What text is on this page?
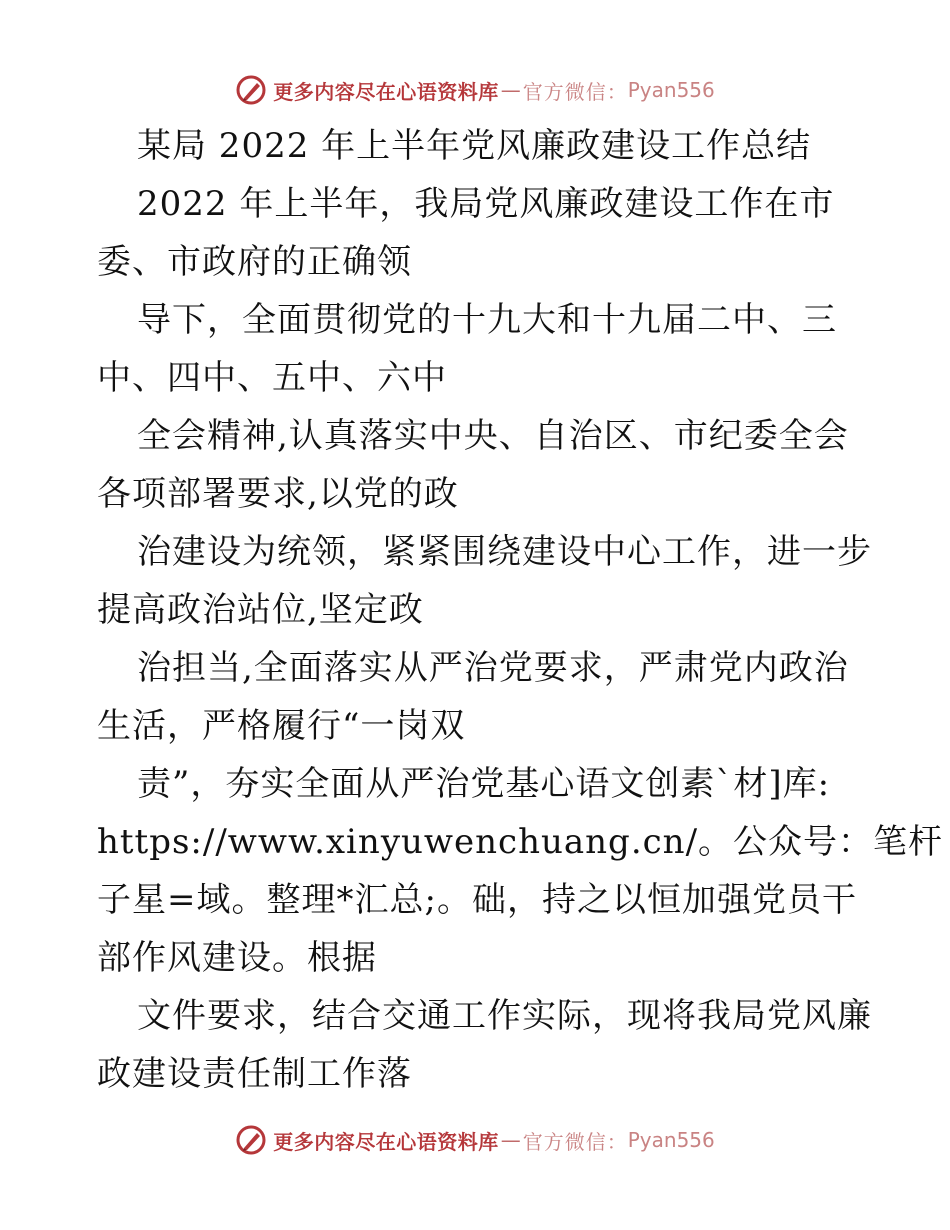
更多内容尽在心语资料库 — 官方微信： Pyan556
某局 2022 年上半年党风廉政建设工作总结
2022 年上半年，我局党风廉政建设工作在市
委、市政府的正确领
导下，全面贯彻党的十九大和十九届二中、三
中、四中、五中、六中
全会精神,认真落实中央、自治区、市纪委全会
各项部署要求,以党的政
治建设为统领，紧紧围绕建设中心工作，进一步
提高政治站位,坚定政
治担当,全面落实从严治党要求，严肃党内政治
生活，严格履行“一岗双
责”，夯实全面从严治党基心语文创素`材]库:
https://www.xinyuwenchuang.cn/。公众号：笔杆
子星=域。整理*汇总;。础，持之以恒加强党员干
部作风建设。根据
文件要求，结合交通工作实际，现将我局党风廉
政建设责任制工作落
更多内容尽在心语资料库 — 官方微信： Pyan556
